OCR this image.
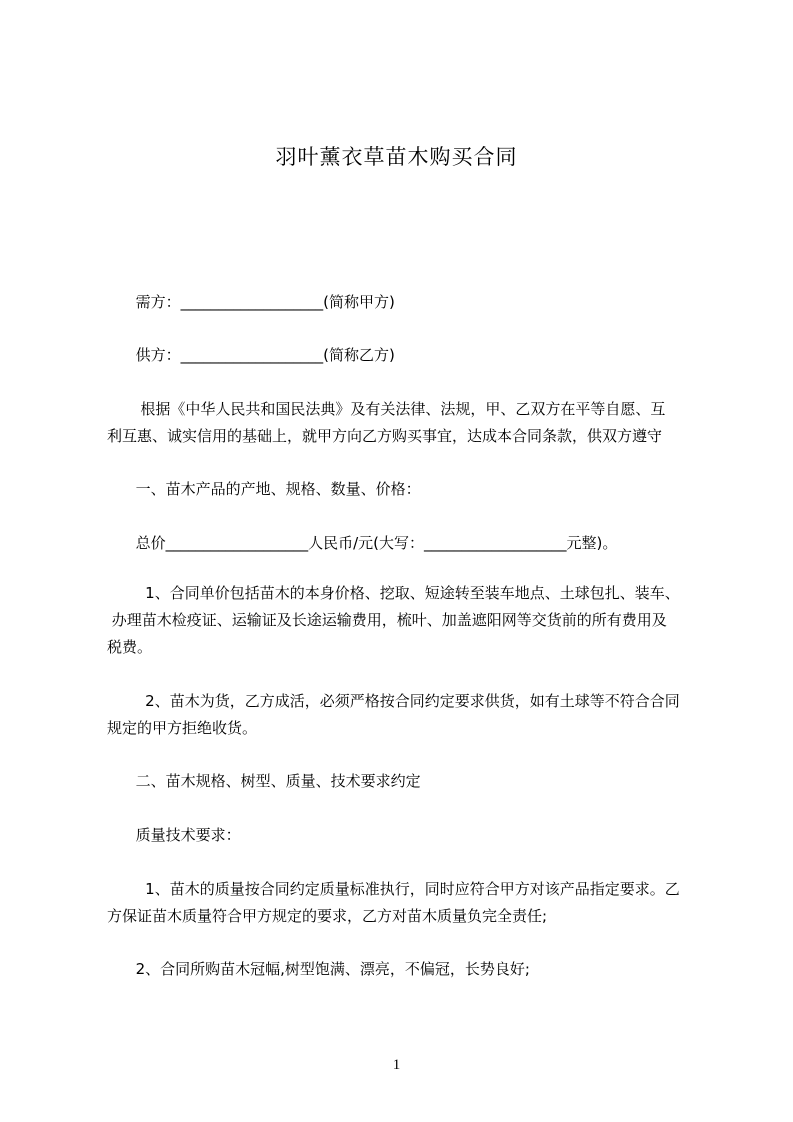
羽叶薰衣草苗木购买合同
需方：___________________(简称甲方)
供方：___________________(简称乙方)
根据《中华人民共和国民法典》及有关法律、法规，甲、乙双方在平等自愿、互
利互惠、诚实信用的基础上，就甲方向乙方购买事宜，达成本合同条款，供双方遵守
一、苗木产品的产地、规格、数量、价格：
总价___________________人民币/元(大写：___________________元整)。
1、合同单价包括苗木的本身价格、挖取、短途转至装车地点、土球包扎、装车、
办理苗木检疫证、运输证及长途运输费用，梳叶、加盖遮阳网等交货前的所有费用及
税费。
2、苗木为货，乙方成活，必须严格按合同约定要求供货，如有土球等不符合合同
规定的甲方拒绝收货。
二、苗木规格、树型、质量、技术要求约定
质量技术要求：
1、苗木的质量按合同约定质量标准执行，同时应符合甲方对该产品指定要求。乙
方保证苗木质量符合甲方规定的要求，乙方对苗木质量负完全责任;
2、合同所购苗木冠幅,树型饱满、漂亮，不偏冠，长势良好;
1
